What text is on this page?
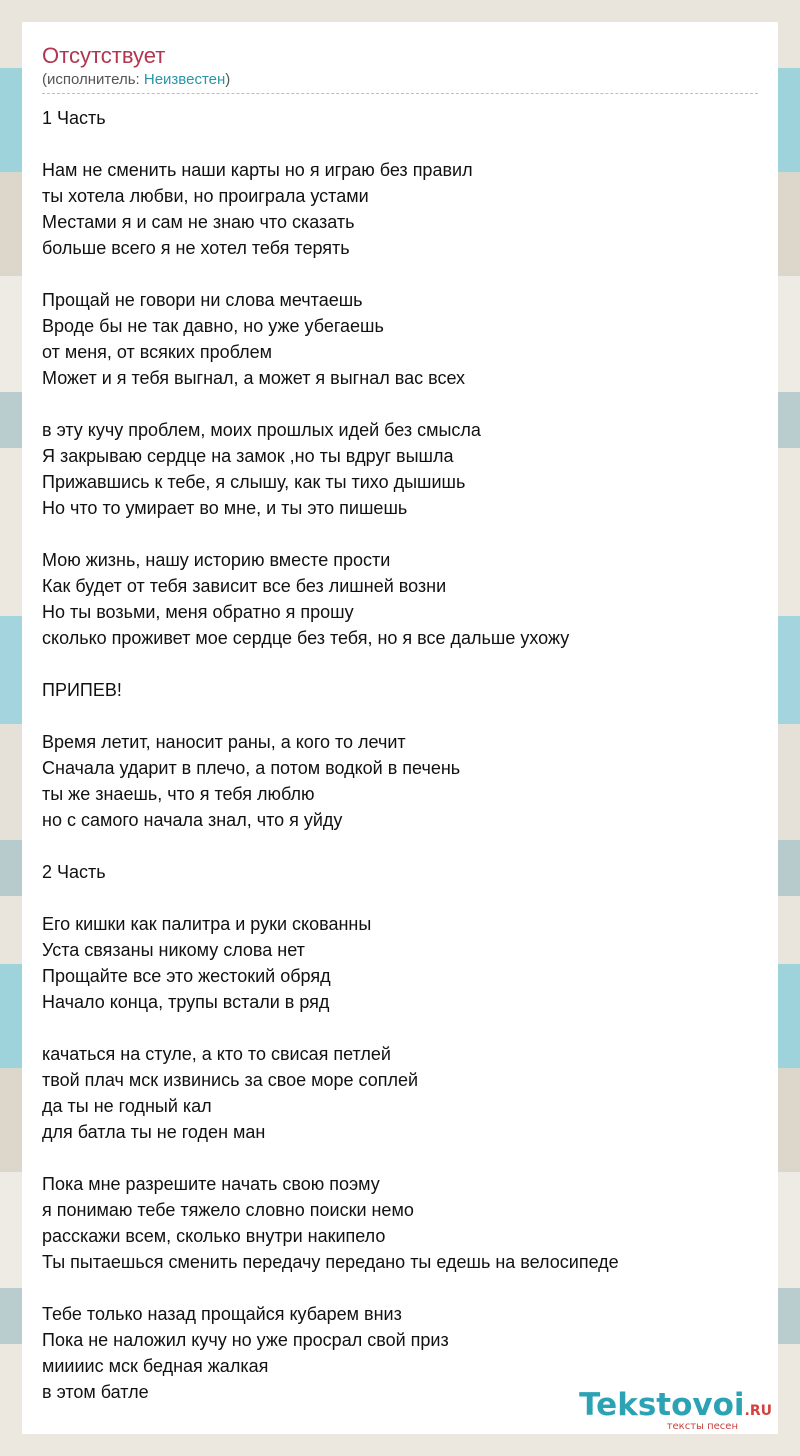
Отсутствует
(исполнитель: Неизвестен)
1 Часть
Нам не сменить наши карты но я играю без правил
ты хотела любви, но проиграла устами
Местами я и сам не знаю что сказать
больше всего я не хотел тебя терять
Прощай не говори ни слова мечтаешь
Вроде бы не так давно, но уже убегаешь
от меня, от всяких проблем
Может и я тебя выгнал, а может я выгнал вас всех
в эту кучу проблем, моих прошлых идей без смысла
Я закрываю сердце на замок ,но ты вдруг вышла
Прижавшись к тебе, я слышу, как ты тихо дышишь
Но что то умирает во мне, и ты это пишешь
Мою жизнь, нашу историю вместе прости
Как будет от тебя зависит все без лишней возни
Но ты возьми, меня обратно я прошу
сколько проживет мое сердце без тебя, но я все дальше ухожу
ПРИПЕВ!
Время летит, наносит раны, а кого то лечит
Сначала ударит в плечо, а потом водкой в печень
ты же знаешь, что я тебя люблю
но с самого начала знал, что я уйду
2 Часть
Его кишки как палитра и руки скованны
Уста связаны никому слова нет
Прощайте все это жестокий обряд
Начало конца, трупы встали в ряд
качаться на стуле, а кто то свисая петлей
твой плач мск извинись за свое море соплей
да ты не годный кал
для батла ты не годен ман
Пока мне разрешите начать свою поэму
я понимаю тебе тяжело словно поиски немо
расскажи всем, сколько внутри накипело
Ты пытаешься сменить передачу передано ты едешь на велосипеде
Тебе только назад прощайся кубарем вниз
Пока не наложил кучу но уже просрал свой приз
миииис мск бедная жалкая
в этом батле	Tekstovoi.RU
тексты песен
